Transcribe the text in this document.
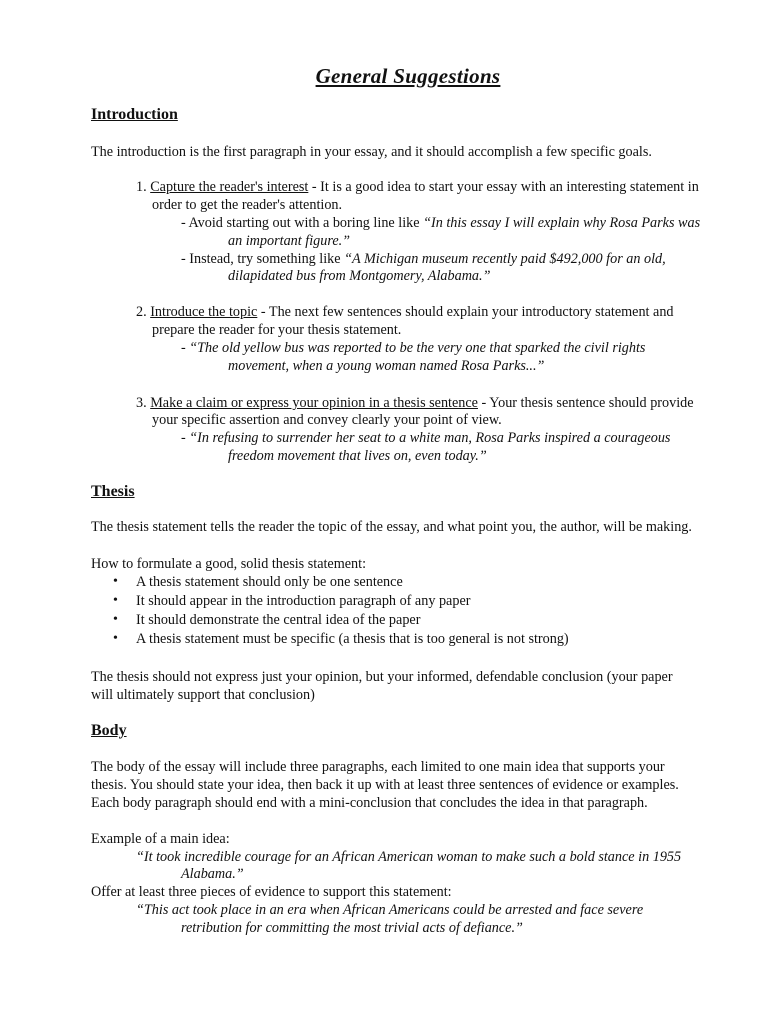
General Suggestions
Introduction
The introduction is the first paragraph in your essay, and it should accomplish a few specific goals.
1. Capture the reader's interest - It is a good idea to start your essay with an interesting statement in
order to get the reader's attention.
- Avoid starting out with a boring line like “In this essay I will explain why Rosa Parks was
an important figure.”
- Instead, try something like “A Michigan museum recently paid $492,000 for an old,
dilapidated bus from Montgomery, Alabama.”
2. Introduce the topic - The next few sentences should explain your introductory statement and
prepare the reader for your thesis statement.
- “The old yellow bus was reported to be the very one that sparked the civil rights
movement, when a young woman named Rosa Parks...”
3. Make a claim or express your opinion in a thesis sentence - Your thesis sentence should provide
your specific assertion and convey clearly your point of view.
- “In refusing to surrender her seat to a white man, Rosa Parks inspired a courageous
freedom movement that lives on, even today.”
Thesis
The thesis statement tells the reader the topic of the essay, and what point you, the author, will be making.
How to formulate a good, solid thesis statement:
• A thesis statement should only be one sentence
• It should appear in the introduction paragraph of any paper
• It should demonstrate the central idea of the paper
• A thesis statement must be specific (a thesis that is too general is not strong)
The thesis should not express just your opinion, but your informed, defendable conclusion (your paper
will ultimately support that conclusion)
Body
The body of the essay will include three paragraphs, each limited to one main idea that supports your
thesis. You should state your idea, then back it up with at least three sentences of evidence or examples.
Each body paragraph should end with a mini-conclusion that concludes the idea in that paragraph.
Example of a main idea:
“It took incredible courage for an African American woman to make such a bold stance in 1955
Alabama.”
Offer at least three pieces of evidence to support this statement:
“This act took place in an era when African Americans could be arrested and face severe
retribution for committing the most trivial acts of defiance.”
